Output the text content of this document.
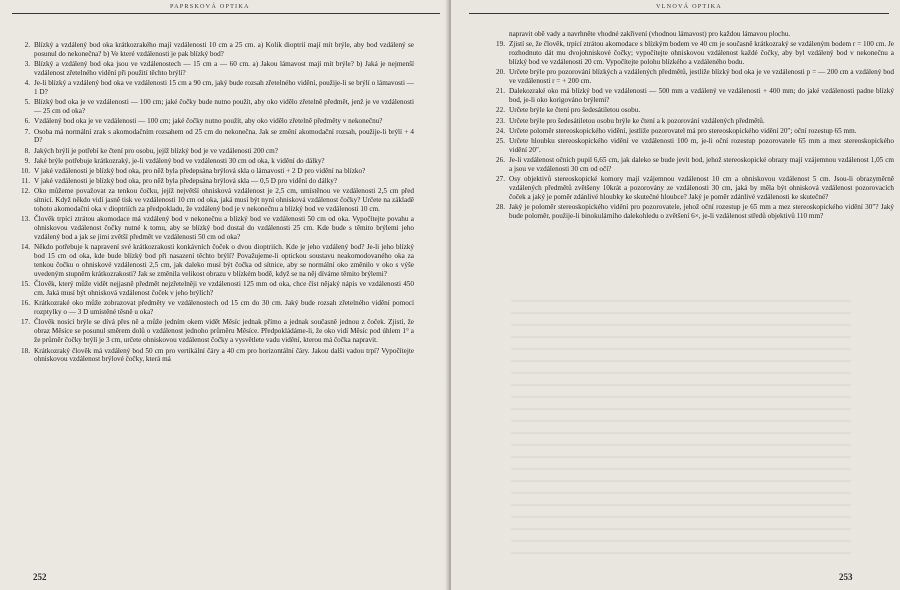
PAPRSKOVÁ OPTIKA
2. Blízký a vzdálený bod oka krátkozrakého mají vzdálenosti 10 cm a 25 cm. a) Kolik dioptrií mají mít brýle, aby bod vzdálený se posunul do nekonečna? b) Ve které vzdálenosti je pak blízký bod?
3. Blízký a vzdálený bod oka jsou ve vzdálenostech — 15 cm a — 60 cm. a) Jakou lámavost mají mít brýle? b) Jaká je nejmenší vzdálenost zřetelného vidění při použití těchto brýlí?
4. Je-li blízký a vzdálený bod oka ve vzdálenosti 15 cm a 90 cm, jaký bude rozsah zřetelného vidění, použije-li se brýlí o lámavosti — 1 D?
5. Blízký bod oka je ve vzdálenosti — 100 cm; jaké čočky bude nutno použít, aby oko vidělo zřetelně předmět, jenž je ve vzdálenosti — 25 cm od oka?
6. Vzdálený bod oka je ve vzdálenosti — 100 cm; jaké čočky nutno použít, aby oko vidělo zřetelně předměty v nekonečnu?
7. Osoba má normální zrak s akomodačním rozsahem od 25 cm do nekonečna. Jak se změní akomodační rozsah, použije-li brýlí + 4 D?
8. Jakých brýlí je potřebí ke čtení pro osobu, jejíž blízký bod je ve vzdálenosti 200 cm?
9. Jaké brýle potřebuje krátkozraký, je-li vzdálený bod ve vzdálenosti 30 cm od oka, k vidění do dálky?
10. V jaké vzdálenosti je blízký bod oka, pro něž byla předepsána brýlová skla o lámavosti + 2 D pro vidění na blízko?
11. V jaké vzdálenosti je blízký bod oka, pro něž byla předepsána brýlová skla — 0,5 D pro vidění do dálky?
12. Oko můžeme považovat za tenkou čočku, jejíž největší ohnisková vzdálenost je 2,5 cm, umístěnou ve vzdálenosti 2,5 cm před sítnicí. Když někdo vidí jasně tisk ve vzdálenosti 10 cm od oka, jaká musí být nyní ohnisková vzdálenost čočky? Určete na základě tohoto akomodační oka v dioptriích za předpokladu, že vzdálený bod je v nekonečnu a blízký bod ve vzdálenosti 10 cm.
13. Člověk trpící ztrátou akomodace má vzdálený bod v nekonečnu a blízký bod ve vzdálenosti 50 cm od oka. Vypočítejte povahu a ohniskovou vzdálenost čočky nutné k tomu, aby se blízký bod dostal do vzdálenosti 25 cm. Kde bude s těmito brýlemi jeho vzdálený bod a jak se jimi zvětší předmět ve vzdálenosti 50 cm od oka?
14. Někdo potřebuje k napravení své krátkozrakosti konkávních čoček o dvou dioptriích. Kde je jeho vzdálený bod? Je-li jeho blízký bod 15 cm od oka, kde bude blízký bod při nasazení těchto brýlí? Považujeme-li optickou soustavu neakomodovaného oka za tenkou čočku o ohniskové vzdálenosti 2,5 cm, jak daleko musí být čočka od sítnice, aby se normální oko změnilo v oko s výše uvedeným stupněm krátkozrakosti? Jak se změnila velikost obrazu v blízkém bodě, když se na něj díváme těmito brýlemi?
15. Člověk, který může vidět nejjasně předmět nejzřetelněji ve vzdálenosti 125 mm od oka, chce číst nějaký nápis ve vzdálenosti 450 cm. Jaká musí být ohnisková vzdálenost čoček v jeho brýlích?
16. Krátkozraké oko může zobrazovat předměty ve vzdálenostech od 15 cm do 30 cm. Jaký bude rozsah zřetelného vidění pomocí rozptylky o — 3 D umístěné těsně u oka?
17. Člověk nosící brýle se dívá přes ně a může jedním okem vidět Měsíc jednak přímo a jednak současně jednou z čoček. Zjistí, že obraz Měsíce se posunul směrem dolů o vzdálenost jednoho průměru Měsíce. Předpokládáme-li, že oko vidí Měsíc pod úhlem 1° a že průměr čočky brýlí je 3 cm, určete ohniskovou vzdálenost čočky a vysvětlete vadu vidění, kterou má čočka napravit.
18. Krátkozraký člověk má vzdálený bod 50 cm pro vertikální čáry a 40 cm pro horizontální čáry. Jakou dalši vadou trpí? Vypočítejte ohniskovou vzdálenost brýlové čočky, která má
252
VLNOVÁ OPTIKA
napravit obě vady a navrhněte vhodné zakřivení (vhodnou lámavost) pro každou lámavou plochu.
19. Zjistí se, že člověk, trpící ztrátou akomodace s blízkým bodem ve 40 cm je současně krátkozraký se vzdáleným bodem r = 100 cm. Je rozhodnuto dát mu dvojohniskové čočky; vypočítejte ohniskovou vzdálenost každé čočky, aby byl vzdálený bod v nekonečnu a blízký bod ve vzdálenosti 20 cm. Vypočítejte polohu blízkého a vzdáleného bodu.
20. Určete brýle pro pozorování blízkých a vzdálených předmětů, jestliže blízký bod oka je ve vzdálenosti p = — 200 cm a vzdálený bod ve vzdálenosti r = + 200 cm.
21. Dalekozraké oko má blízký bod ve vzdálenosti — 500 mm a vzdálený ve vzdálenosti + 400 mm; do jaké vzdálenosti padne blízký bod, je-li oko korigováno brýlemi?
22. Určete brýle ke čtení pro šedesátiletou osobu.
23. Určete brýle pro šedesátiletou osobu brýle ke čtení a k pozorování vzdálených předmětů.
24. Určete poloměr stereoskopického vidění, jestliže pozorovatel má pro stereoskopického vidění 20″; oční rozestup 65 mm.
25. Určete hloubku stereoskopického vidění ve vzdálenosti 100 m, je-li oční rozestup pozorovatele 65 mm a mez stereoskopického vidění 20″.
26. Je-li vzdálenost očních pupil 6,65 cm, jak daleko se bude jevit bod, jehož stereoskopické obrazy mají vzájemnou vzdálenost 1,05 cm a jsou ve vzdálenosti 30 cm od očí?
27. Osy objektivů stereoskopické komory mají vzájemnou vzdálenost 10 cm a ohniskovou vzdálenost 5 cm. Jsou-li obrazyměrně vzdálených předmětů zvětšeny 10krát a pozorovány ze vzdálenosti 30 cm, jaká by měla být ohnisková vzdálenost pozorovacích čoček a jaký je poměr zdánlivé hloubky ke skutečné hloubce? Jaký je poměr zdánlivé vzdálenosti ke skutečné?
28. Jaký je poloměr stereoskopického vidění pro pozorovatele, jehož oční rozestup je 65 mm a mez stereoskopického vidění 30″? Jaký bude poloměr, použije-li binokulárního dalekohledu o zvětšení 6×, je-li vzdálenost středů objektivů 110 mm?
253
